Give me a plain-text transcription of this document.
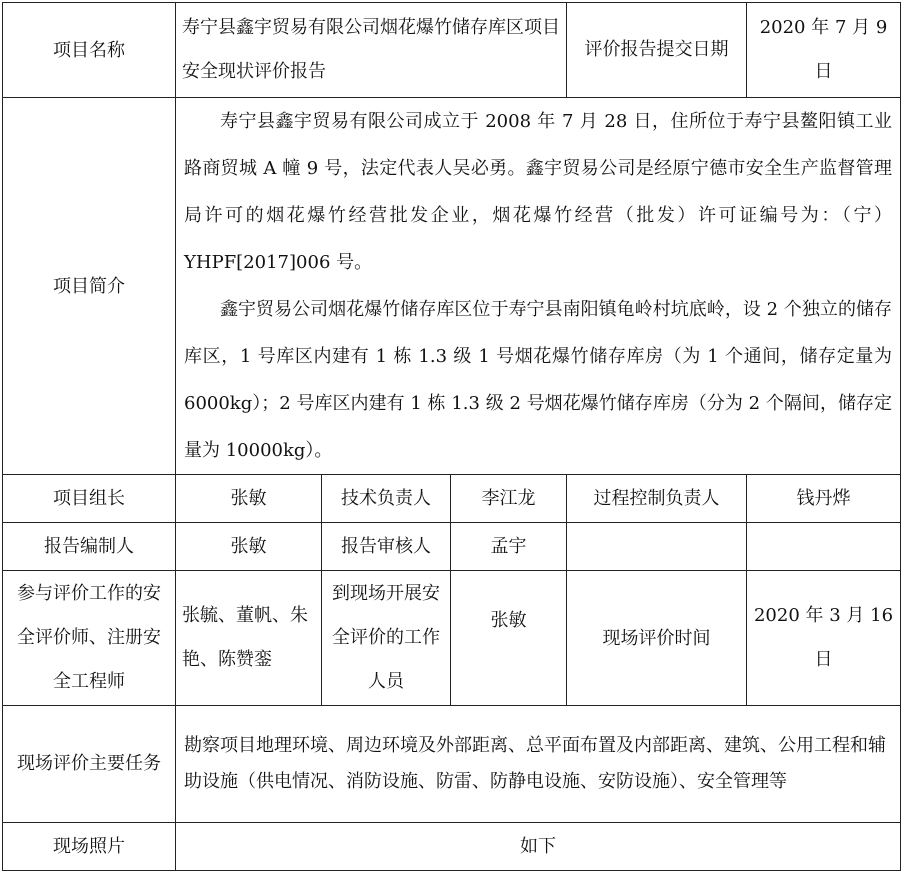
项目名称	寿宁县鑫宇贸易有限公司烟花爆竹储存库区项目安全现状评价报告			评价报告提交日期	2020 年 7 月 9 日
项目简介	寿宁县鑫宇贸易有限公司成立于 2008 年 7 月 28 日，住所位于寿宁县鳌阳镇工业路商贸城 A 幢 9 号，法定代表人吴必勇。鑫宇贸易公司是经原宁德市安全生产监督管理局许可的烟花爆竹经营批发企业，烟花爆竹经营（批发）许可证编号为：（宁）YHPF[2017]006 号。

鑫宇贸易公司烟花爆竹储存库区位于寿宁县南阳镇龟岭村坑底岭，设 2 个独立的储存库区，1 号库区内建有 1 栋 1.3 级 1 号烟花爆竹储存库房（为 1 个通间，储存定量为 6000kg）；2 号库区内建有 1 栋 1.3 级 2 号烟花爆竹储存库房（分为 2 个隔间，储存定量为 10000kg）。				

项目组长	张敏	技术负责人	李江龙	过程控制负责人	钱丹烨
报告编制人	张敏	报告审核人	孟宇		
参与评价工作的安全评价师、注册安全工程师	张毓、董帆、朱艳、陈赞銮	到现场开展安全评价的工作人员	张敏	现场评价时间	2020 年 3 月 16 日
现场评价主要任务	勘察项目地理环境、周边环境及外部距离、总平面布置及内部距离、建筑、公用工程和辅助设施（供电情况、消防设施、防雷、防静电设施、安防设施）、安全管理等				
现场照片	如下				
